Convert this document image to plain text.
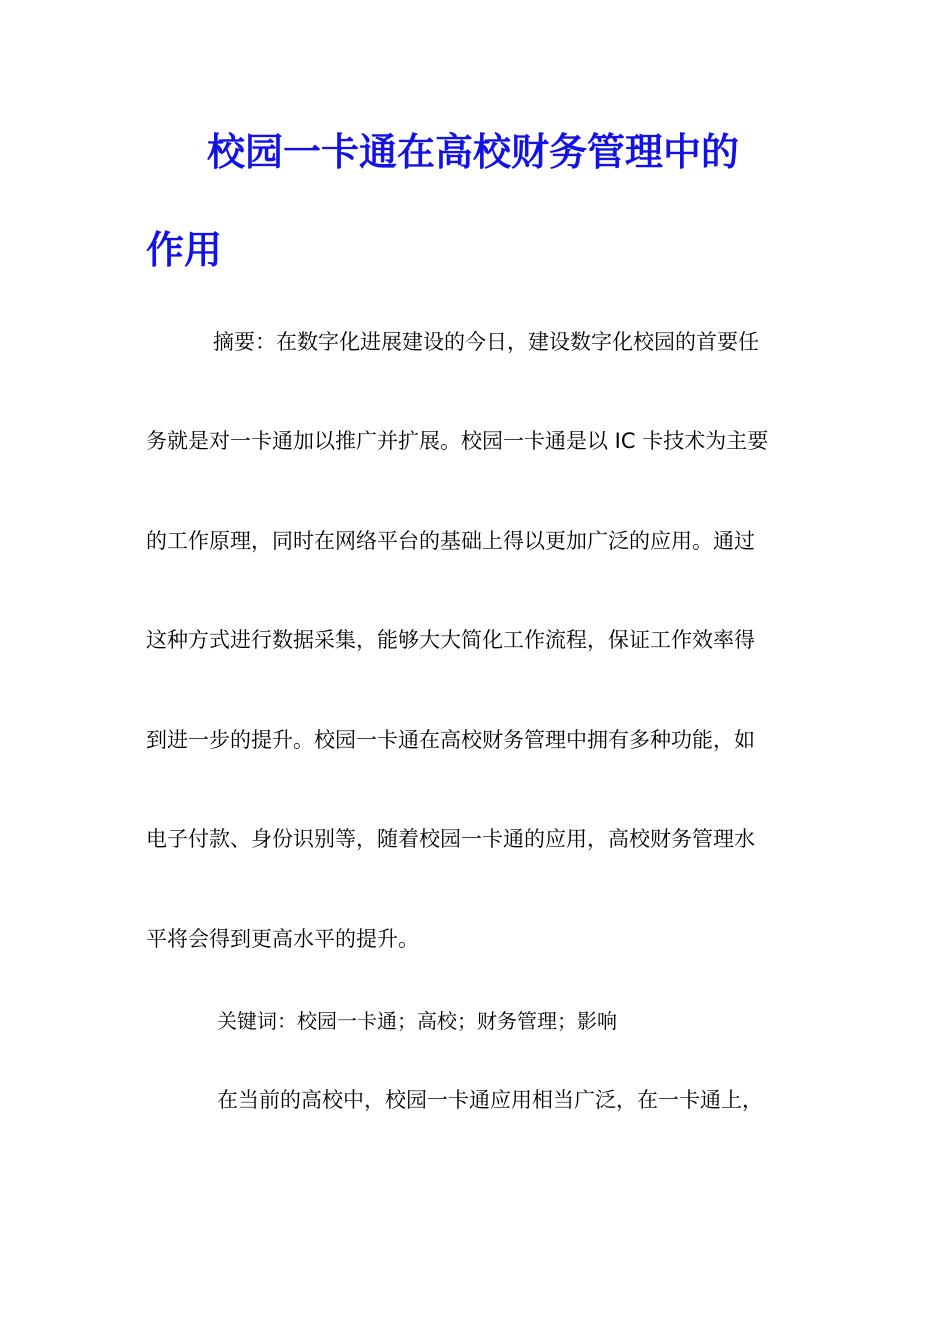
校园一卡通在高校财务管理中的
作用
摘要：在数字化进展建设的今日，建设数字化校园的首要任
务就是对一卡通加以推广并扩展。校园一卡通是以 IC 卡技术为主要
的工作原理，同时在网络平台的基础上得以更加广泛的应用。通过
这种方式进行数据采集，能够大大简化工作流程，保证工作效率得
到进一步的提升。校园一卡通在高校财务管理中拥有多种功能，如
电子付款、身份识别等，随着校园一卡通的应用，高校财务管理水
平将会得到更高水平的提升。
关键词：校园一卡通；高校；财务管理；影响
在当前的高校中，校园一卡通应用相当广泛，在一卡通上，
